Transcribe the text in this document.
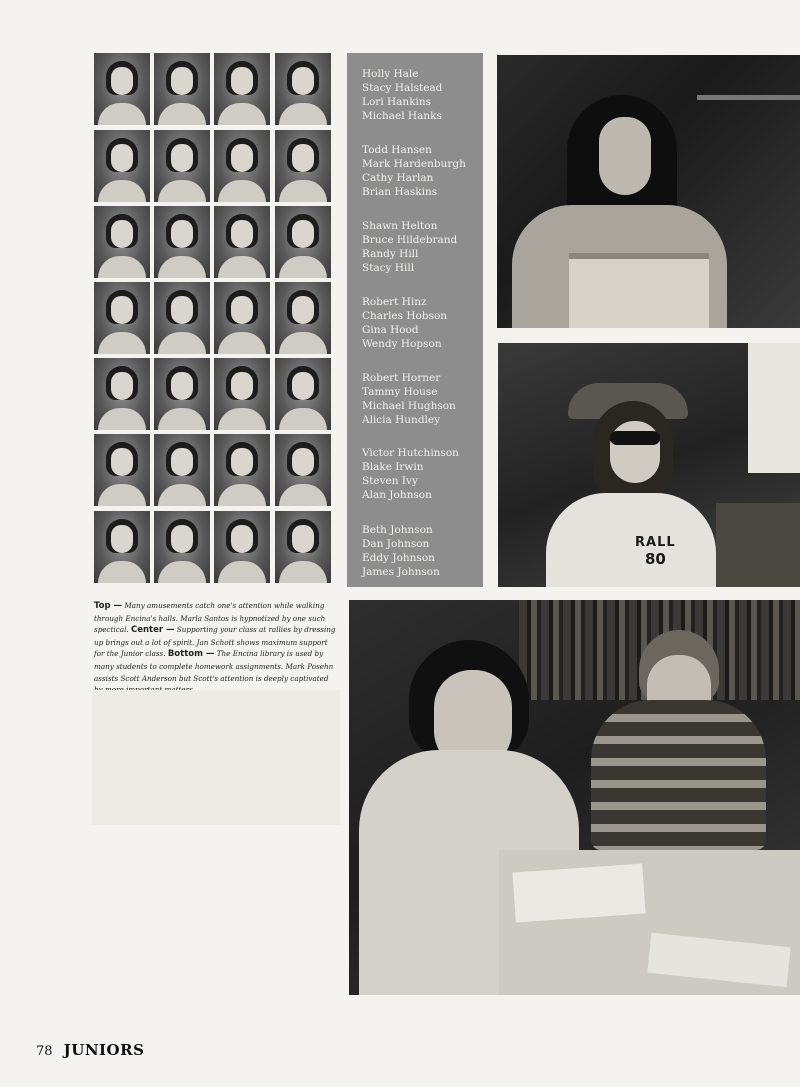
Holly Hale
Stacy Halstead
Lori Hankins
Michael Hanks
Todd Hansen
Mark Hardenburgh
Cathy Harlan
Brian Haskins
Shawn Helton
Bruce Hildebrand
Randy Hill
Stacy Hill
Robert Hinz
Charles Hobson
Gina Hood
Wendy Hopson
Robert Horner
Tammy House
Michael Hughson
Alicia Hundley
Victor Hutchinson
Blake Irwin
Steven Ivy
Alan Johnson
Beth Johnson
Dan Johnson
Eddy Johnson
James Johnson
RALL
80
Top — Many amusements catch one's attention while walking through Encina's halls. Marla Santos is hypnotized by one such spectical. Center — Supporting your class at rallies by dressing up brings out a lot of spirit. Jan Schott shows maximum support for the Junior class. Bottom — The Encina library is used by many students to complete homework assignments. Mark Posehn assists Scott Anderson but Scott's attention is deeply captivated
78 JUNIORS
